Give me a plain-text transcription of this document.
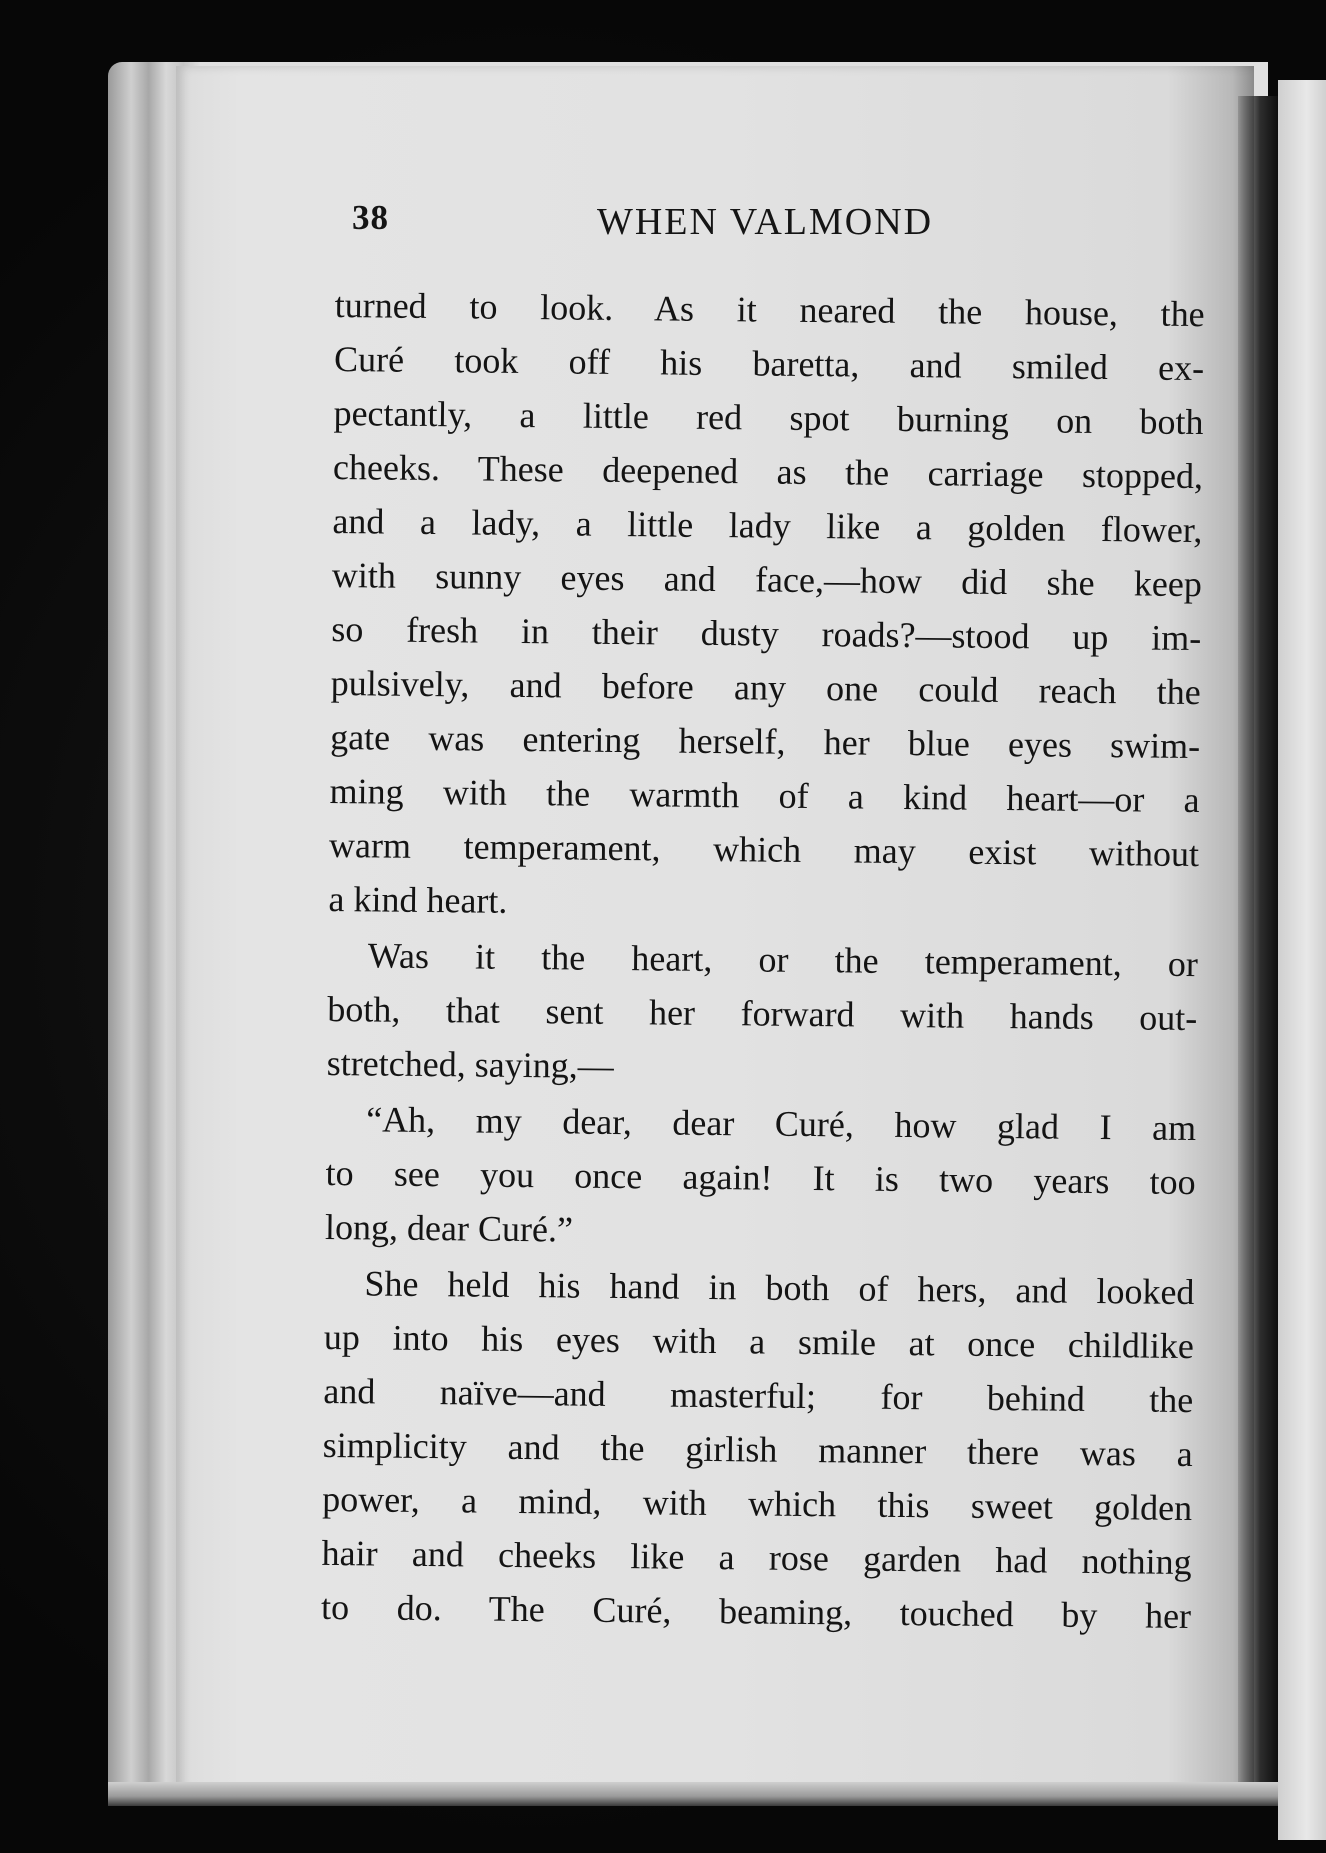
38	WHEN VALMOND
turned to look. As it neared the house, the
Curé took off his baretta, and smiled ex-
pectantly, a little red spot burning on both
cheeks. These deepened as the carriage stopped,
and a lady, a little lady like a golden flower,
with sunny eyes and face,—how did she keep
so fresh in their dusty roads?—stood up im-
pulsively, and before any one could reach the
gate was entering herself, her blue eyes swim-
ming with the warmth of a kind heart—or a
warm temperament, which may exist without
a kind heart.
Was it the heart, or the temperament, or
both, that sent her forward with hands out-
stretched, saying,—
“Ah, my dear, dear Curé, how glad I am
to see you once again! It is two years too
long, dear Curé.”
She held his hand in both of hers, and looked
up into his eyes with a smile at once childlike
and naïve—and masterful; for behind the
simplicity and the girlish manner there was a
power, a mind, with which this sweet golden
hair and cheeks like a rose garden had nothing
to do. The Curé, beaming, touched by her
